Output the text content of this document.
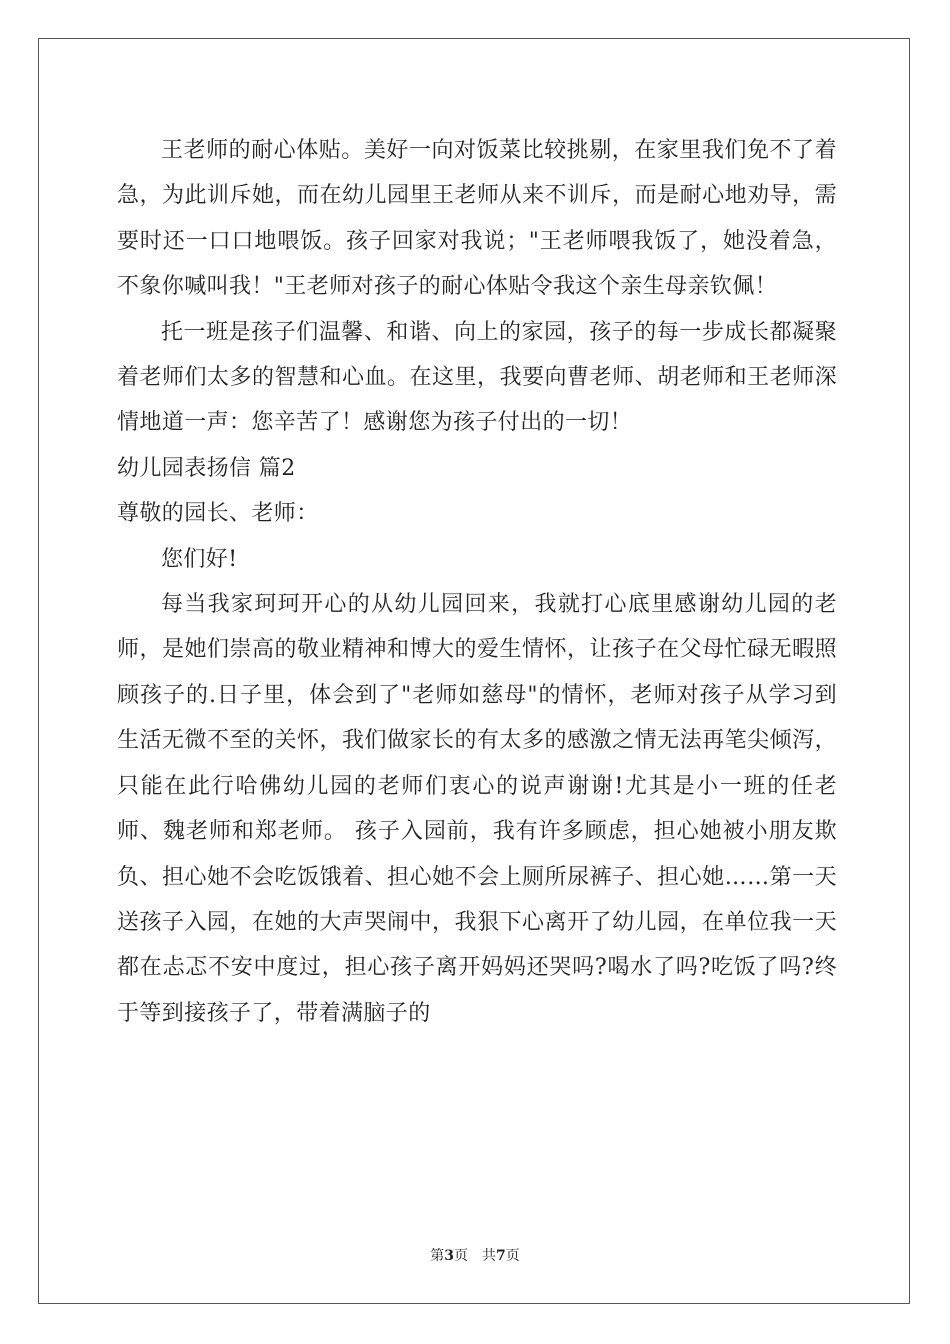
王老师的耐心体贴。美好一向对饭菜比较挑剔，在家里我们免不了着急，为此训斥她，而在幼儿园里王老师从来不训斥，而是耐心地劝导，需要时还一口口地喂饭。孩子回家对我说；"王老师喂我饭了，她没着急，不象你喊叫我！"王老师对孩子的耐心体贴令我这个亲生母亲钦佩！

托一班是孩子们温馨、和谐、向上的家园，孩子的每一步成长都凝聚着老师们太多的智慧和心血。在这里，我要向曹老师、胡老师和王老师深情地道一声：您辛苦了！感谢您为孩子付出的一切！

幼儿园表扬信 篇2

尊敬的园长、老师：

您们好!

每当我家珂珂开心的从幼儿园回来，我就打心底里感谢幼儿园的老师，是她们崇高的敬业精神和博大的爱生情怀，让孩子在父母忙碌无暇照顾孩子的.日子里，体会到了"老师如慈母"的情怀，老师对孩子从学习到生活无微不至的关怀，我们做家长的有太多的感激之情无法再笔尖倾泻，只能在此行哈佛幼儿园的老师们衷心的说声谢谢!尤其是小一班的任老师、魏老师和郑老师。 孩子入园前，我有许多顾虑，担心她被小朋友欺负、担心她不会吃饭饿着、担心她不会上厕所尿裤子、担心她……第一天送孩子入园，在她的大声哭闹中，我狠下心离开了幼儿园，在单位我一天都在忐忑不安中度过，担心孩子离开妈妈还哭吗?喝水了吗?吃饭了吗?终于等到接孩子了，带着满脑子的

第3页 共7页
